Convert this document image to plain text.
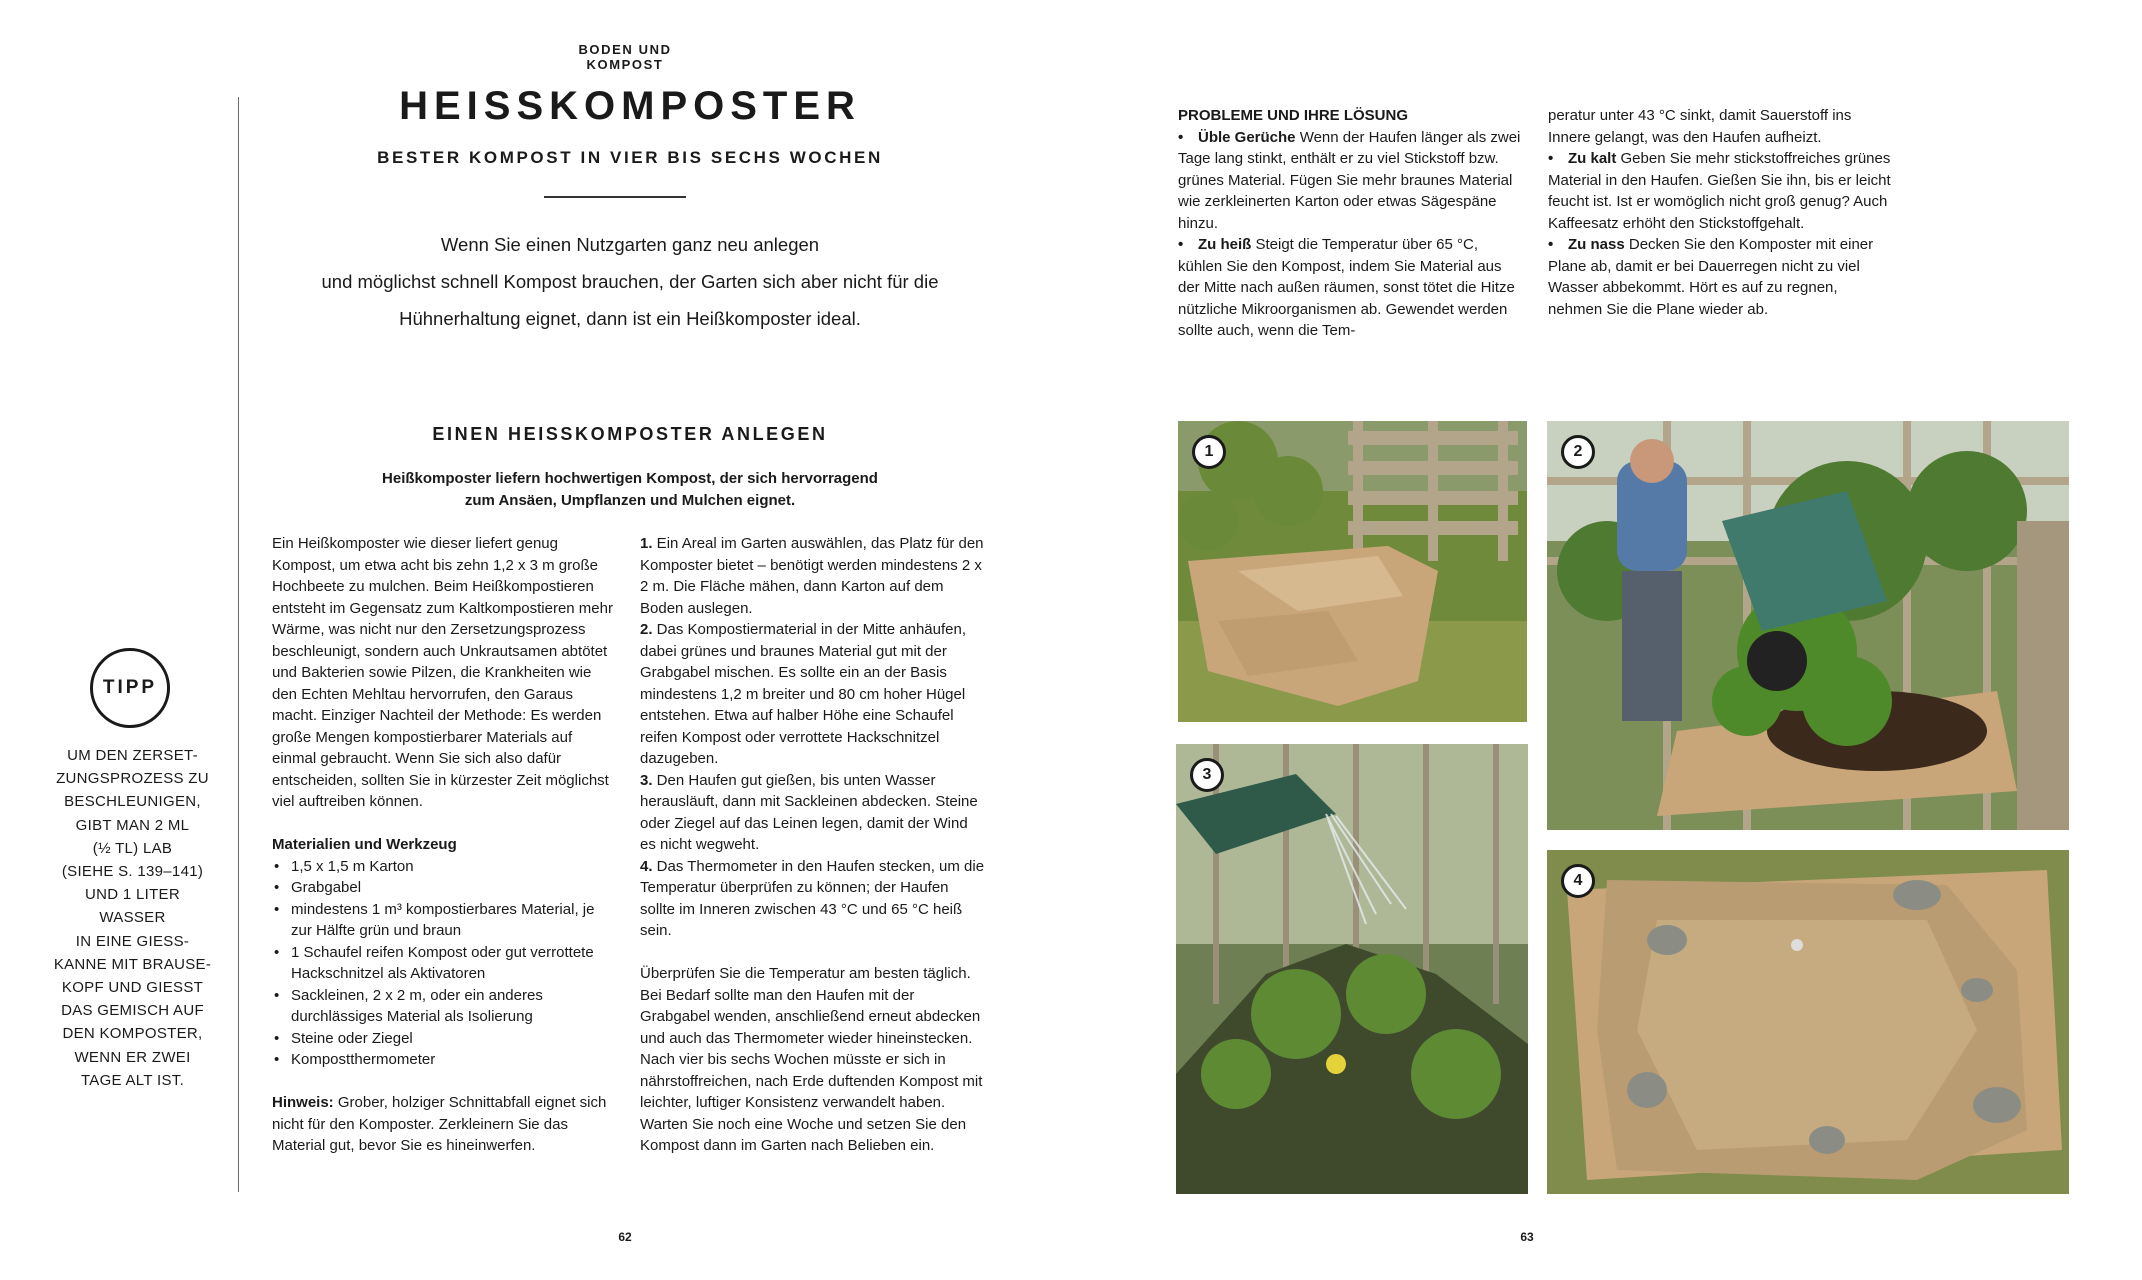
BODEN UND KOMPOST
HEISSKOMPOSTER
BESTER KOMPOST IN VIER BIS SECHS WOCHEN

Wenn Sie einen Nutzgarten ganz neu anlegen

und möglichst schnell Kompost brauchen, der Garten sich aber nicht für die

Hühnerhaltung eignet, dann ist ein Heißkomposter ideal.

EINEN HEISSKOMPOSTER ANLEGEN
Heißkomposter liefern hochwertigen Kompost, der sich hervorragend zum Ansäen, Umpflanzen und Mulchen eignet.

Ein Heißkomposter wie dieser liefert genug Kompost, um etwa acht bis zehn 1,2 x 3 m große Hochbeete zu mulchen. Beim Heißkompostieren entsteht im Gegensatz zum Kaltkompostieren mehr Wärme, was nicht nur den Zersetzungsprozess beschleunigt, sondern auch Unkrautsamen abtötet und Bakterien sowie Pilzen, die Krankheiten wie den Echten Mehltau hervorrufen, den Garaus macht. Einziger Nachteil der Methode: Es werden große Mengen kompostierbarer Materials auf einmal gebraucht. Wenn Sie sich also dafür entscheiden, sollten Sie in kürzester Zeit möglichst viel auftreiben können.

Materialien und Werkzeug

• 1,5 x 1,5 m Karton
• Grabgabel
• mindestens 1 m³ kompostierbares Material, je zur Hälfte grün und braun
• 1 Schaufel reifen Kompost oder gut verrottete Hackschnitzel als Aktivatoren
• Sackleinen, 2 x 2 m, oder ein anderes durchlässiges Material als Isolierung
• Steine oder Ziegel
• Kompostthermometer

Hinweis: Grober, holziger Schnittabfall eignet sich nicht für den Komposter. Zerkleinern Sie das Material gut, bevor Sie es hineinwerfen.

1. Ein Areal im Garten auswählen, das Platz für den Komposter bietet – benötigt werden mindestens 2 x 2 m. Die Fläche mähen, dann Karton auf dem Boden auslegen.

2. Das Kompostiermaterial in der Mitte anhäufen, dabei grünes und braunes Material gut mit der Grabgabel mischen. Es sollte ein an der Basis mindestens 1,2 m breiter und 80 cm hoher Hügel entstehen. Etwa auf halber Höhe eine Schaufel reifen Kompost oder verrottete Hackschnitzel dazugeben.

3. Den Haufen gut gießen, bis unten Wasser herausläuft, dann mit Sackleinen abdecken. Steine oder Ziegel auf das Leinen legen, damit der Wind es nicht wegweht.

4. Das Thermometer in den Haufen stecken, um die Temperatur überprüfen zu können; der Haufen sollte im Inneren zwischen 43 °C und 65 °C heiß sein.

Überprüfen Sie die Temperatur am besten täglich. Bei Bedarf sollte man den Haufen mit der Grabgabel wenden, anschließend erneut abdecken und auch das Thermometer wieder hineinstecken. Nach vier bis sechs Wochen müsste er sich in nährstoffreichen, nach Erde duftenden Kompost mit leichter, luftiger Konsistenz verwandelt haben. Warten Sie noch eine Woche und setzen Sie den Kompost dann im Garten nach Belieben ein.

TIPP
UM DEN ZERSET-
ZUNGSPROZESS ZU
BESCHLEUNIGEN,
GIBT MAN 2 ML
(½ TL) LAB
(SIEHE S. 139–141)
UND 1 LITER WASSER
IN EINE GIESS-
KANNE MIT BRAUSE-
KOPF UND GIESST
DAS GEMISCH AUF
DEN KOMPOSTER,
WENN ER ZWEI
TAGE ALT IST.
62

PROBLEME UND IHRE LÖSUNG

• Üble Gerüche Wenn der Haufen länger als zwei Tage lang stinkt, enthält er zu viel Stickstoff bzw. grünes Material. Fügen Sie mehr braunes Material wie zerkleinerten Karton oder etwas Sägespäne hinzu.

• Zu heiß Steigt die Temperatur über 65 °C, kühlen Sie den Kompost, indem Sie Material aus der Mitte nach außen räumen, sonst tötet die Hitze nützliche Mikroorganismen ab. Gewendet werden sollte auch, wenn die Tem-

peratur unter 43 °C sinkt, damit Sauerstoff ins Innere gelangt, was den Haufen aufheizt.

• Zu kalt Geben Sie mehr stickstoffreiches grünes Material in den Haufen. Gießen Sie ihn, bis er leicht feucht ist. Ist er womöglich nicht groß genug? Auch Kaffeesatz erhöht den Stickstoffgehalt.

• Zu nass Decken Sie den Komposter mit einer Plane ab, damit er bei Dauerregen nicht zu viel Wasser abbekommt. Hört es auf zu regnen, nehmen Sie die Plane wieder ab.

1	2
3
4
63
